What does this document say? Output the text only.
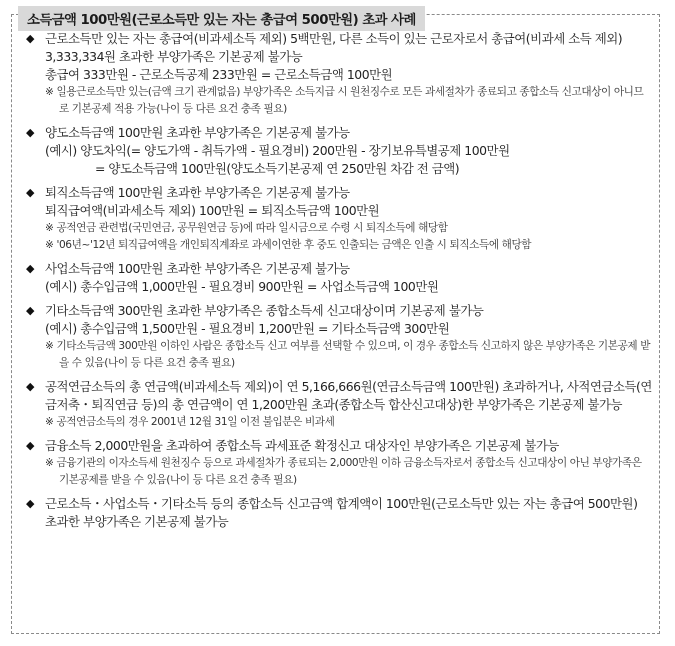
소득금액 100만원(근로소득만 있는 자는 총급여 500만원) 초과 사례
◆ 근로소득만 있는 자는 총급여(비과세소득 제외) 5백만원, 다른 소득이 있는 근로자로서 총급여(비과세 소득 제외) 3,333,334원 초과한 부양가족은 기본공제 불가능
총급여 333만원 - 근로소득공제 233만원 = 근로소득금액 100만원
※ 일용근로소득만 있는(금액 크기 관계없음) 부양가족은 소득지급 시 원천징수로 모든 과세절차가 종료되고 종합소득 신고대상이 아니므로 기본공제 적용 가능(나이 등 다른 요건 충족 필요)
◆ 양도소득금액 100만원 초과한 부양가족은 기본공제 불가능
(예시) 양도차익(= 양도가액 - 취득가액 - 필요경비) 200만원 - 장기보유특별공제 100만원
= 양도소득금액 100만원(양도소득기본공제 연 250만원 차감 전 금액)
◆ 퇴직소득금액 100만원 초과한 부양가족은 기본공제 불가능
퇴직급여액(비과세소득 제외) 100만원 = 퇴직소득금액 100만원
※ 공적연금 관련법(국민연금, 공무원연금 등)에 따라 일시금으로 수령 시 퇴직소득에 해당함
※ '06년~'12년 퇴직급여액을 개인퇴직계좌로 과세이연한 후 중도 인출되는 금액은 인출 시 퇴직소득에 해당함
◆ 사업소득금액 100만원 초과한 부양가족은 기본공제 불가능
(예시) 총수입금액 1,000만원 - 필요경비 900만원 = 사업소득금액 100만원
◆ 기타소득금액 300만원 초과한 부양가족은 종합소득세 신고대상이며 기본공제 불가능
(예시) 총수입금액 1,500만원 - 필요경비 1,200만원 = 기타소득금액 300만원
※ 기타소득금액 300만원 이하인 사람은 종합소득 신고 여부를 선택할 수 있으며, 이 경우 종합소득 신고하지 않은 부양가족은 기본공제 받을 수 있음(나이 등 다른 요건 충족 필요)
◆ 공적연금소득의 총 연금액(비과세소득 제외)이 연 5,166,666원(연금소득금액 100만원) 초과하거나, 사적연금소득(연금저축・퇴직연금 등)의 총 연금액이 연 1,200만원 초과(종합소득 합산신고대상)한 부양가족은 기본공제 불가능
※ 공적연금소득의 경우 2001년 12월 31일 이전 불입분은 비과세
◆ 금융소득 2,000만원을 초과하여 종합소득 과세표준 확정신고 대상자인 부양가족은 기본공제 불가능
※ 금융기관의 이자소득세 원천징수 등으로 과세절차가 종료되는 2,000만원 이하 금융소득자로서 종합소득 신고대상이 아닌 부양가족은 기본공제를 받을 수 있음(나이 등 다른 요건 충족 필요)
◆ 근로소득・사업소득・기타소득 등의 종합소득 신고금액 합계액이 100만원(근로소득만 있는 자는 총급여 500만원) 초과한 부양가족은 기본공제 불가능
